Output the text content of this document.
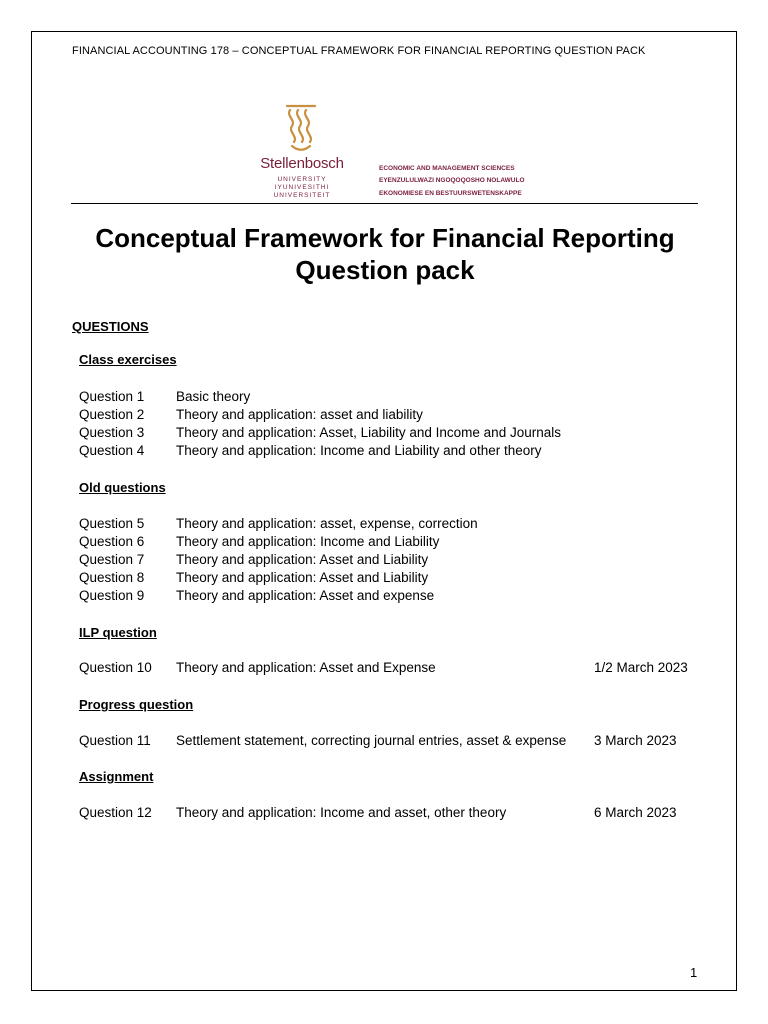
FINANCIAL ACCOUNTING 178 – CONCEPTUAL FRAMEWORK FOR FINANCIAL REPORTING QUESTION PACK
Stellenbosch
UNIVERSITY
IYUNIVESITHI
UNIVERSITEIT
ECONOMIC AND MANAGEMENT SCIENCES
EYENZULULWAZI NGOQOQOSHO NOLAWULO
EKONOMIESE EN BESTUURSWETENSKAPPE
Conceptual Framework for Financial Reporting
Question pack
QUESTIONS
Class exercises
Question 1 Basic theory
Question 2 Theory and application: asset and liability
Question 3 Theory and application: Asset, Liability and Income and Journals
Question 4 Theory and application: Income and Liability and other theory
Old questions
Question 5 Theory and application: asset, expense, correction
Question 6 Theory and application: Income and Liability
Question 7 Theory and application: Asset and Liability
Question 8 Theory and application: Asset and Liability
Question 9 Theory and application: Asset and expense
ILP question
Question 10 Theory and application: Asset and Expense	1/2 March 2023
Progress question
Question 11 Settlement statement, correcting journal entries, asset & expense 3 March 2023
Assignment
Question 12 Theory and application: Income and asset, other theory	6 March 2023
1
